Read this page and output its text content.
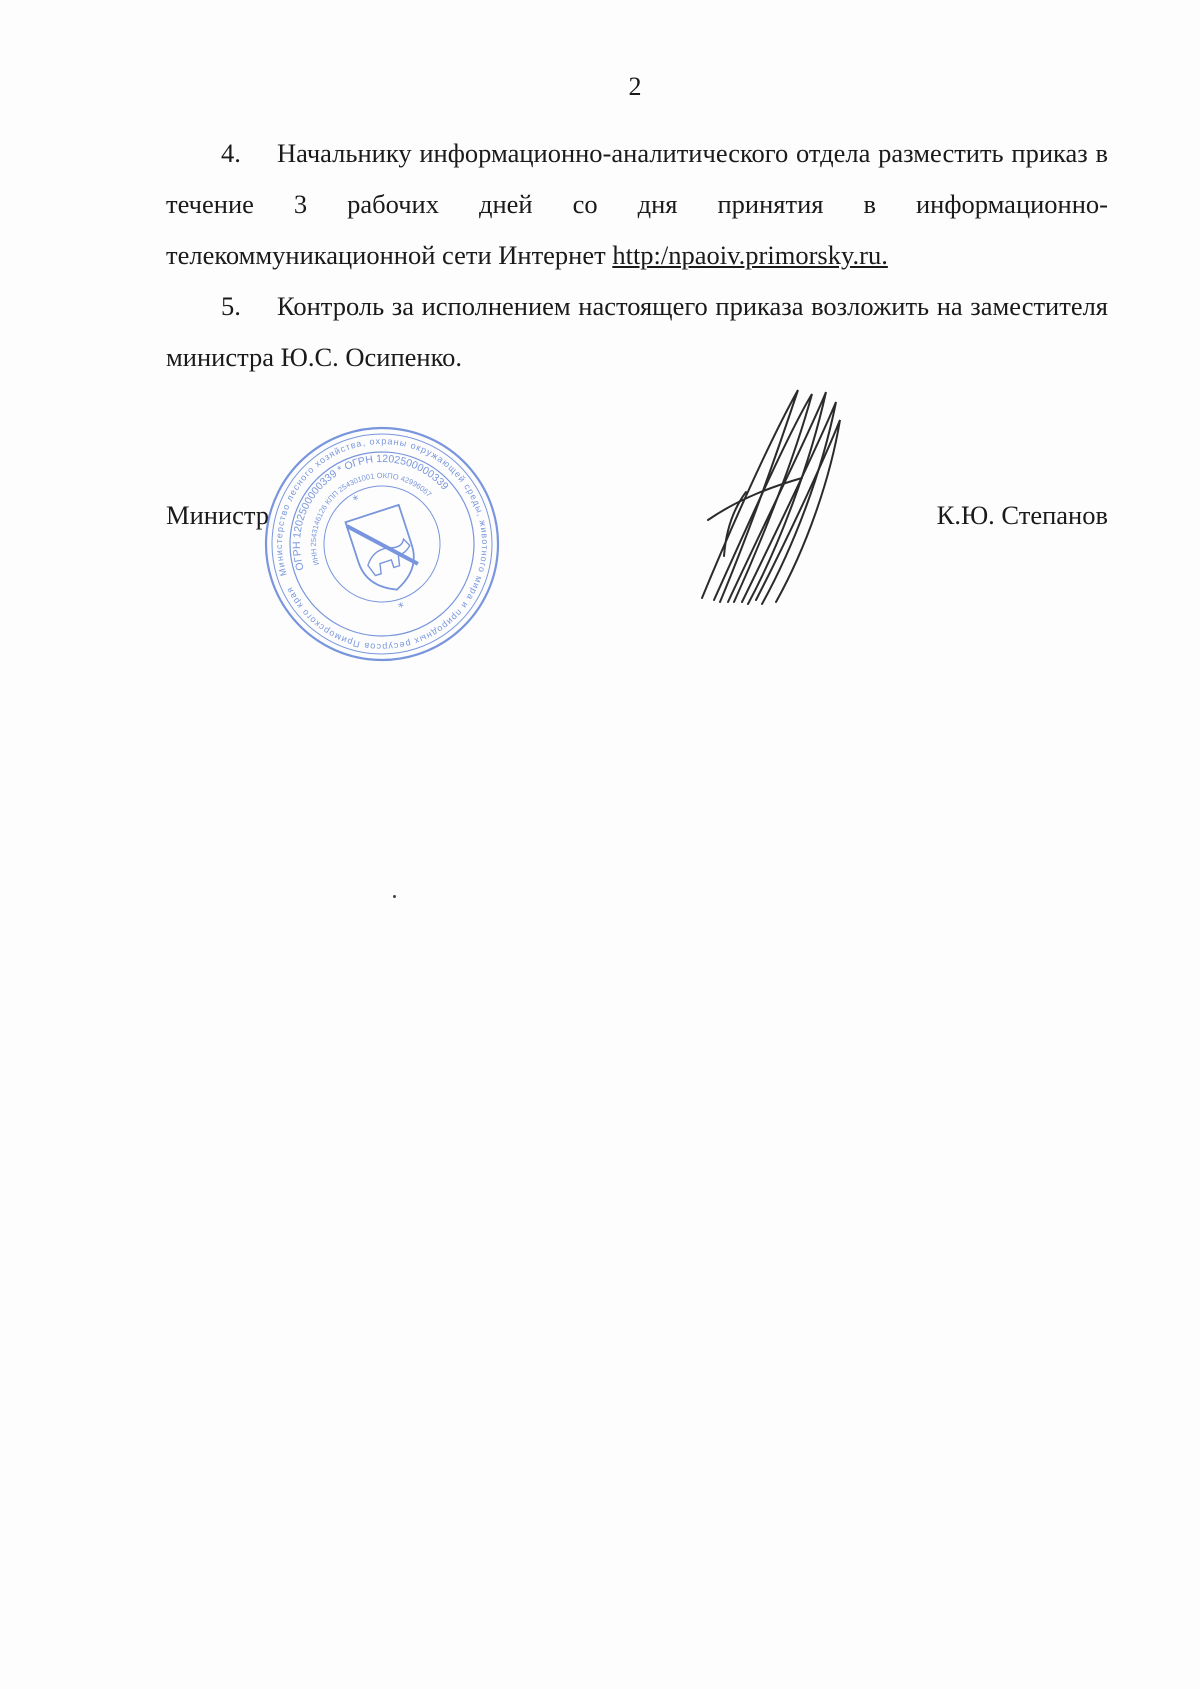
2

4. Начальнику информационно-аналитического отдела разместить приказ в течение 3 рабочих дней со дня принятия в информационно-телекоммуникационной сети Интернет http:/npaoiv.primorsky.ru.

5. Контроль за исполнением настоящего приказа возложить на заместителя министра Ю.С. Осипенко.

Министр	К.Ю. Степанов
Министерство лесного хозяйства, охраны окружающей среды, животного мира и природных ресурсов Приморского края
ОГРН 1202500000339 * ОГРН 1202500000339
ИНН 2543146126 КПП 254301001 ОКПО 42996067
*
*
